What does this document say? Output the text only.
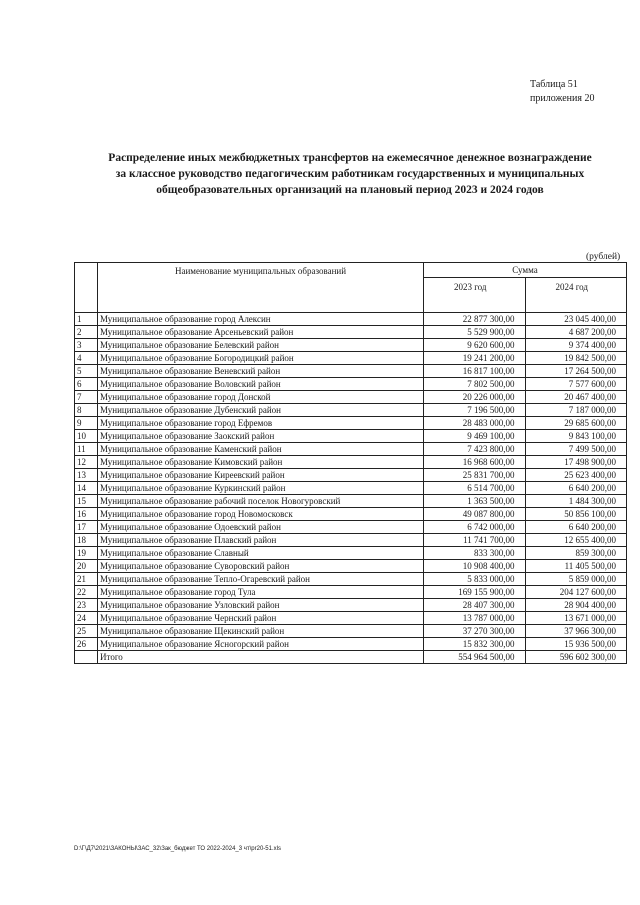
Таблица 51
приложения 20
Распределение иных межбюджетных трансфертов на ежемесячное денежное вознаграждение
за классное руководство педагогическим работникам государственных и муниципальных
общеобразовательных организаций на плановый период 2023 и 2024 годов
(рублей)
	Наименование муниципальных образований	Сумма	
		2023 год	2024 год
1	Муниципальное образование город Алексин	22 877 300,00	23 045 400,00
2	Муниципальное образование Арсеньевский район	5 529 900,00	4 687 200,00
3	Муниципальное образование Белевский район	9 620 600,00	9 374 400,00
4	Муниципальное образование Богородицкий район	19 241 200,00	19 842 500,00
5	Муниципальное образование Веневский район	16 817 100,00	17 264 500,00
6	Муниципальное образование Воловский район	7 802 500,00	7 577 600,00
7	Муниципальное образование город Донской	20 226 000,00	20 467 400,00
8	Муниципальное образование Дубенский район	7 196 500,00	7 187 000,00
9	Муниципальное образование город Ефремов	28 483 000,00	29 685 600,00
10	Муниципальное образование Заокский район	9 469 100,00	9 843 100,00
11	Муниципальное образование Каменский район	7 423 800,00	7 499 500,00
12	Муниципальное образование Кимовский район	16 968 600,00	17 498 900,00
13	Муниципальное образование Киреевский район	25 831 700,00	25 623 400,00
14	Муниципальное образование Куркинский район	6 514 700,00	6 640 200,00
15	Муниципальное образование рабочий поселок Новогуровский	1 363 500,00	1 484 300,00
16	Муниципальное образование город Новомосковск	49 087 800,00	50 856 100,00
17	Муниципальное образование Одоевский район	6 742 000,00	6 640 200,00
18	Муниципальное образование Плавский район	11 741 700,00	12 655 400,00
19	Муниципальное образование Славный	833 300,00	859 300,00
20	Муниципальное образование Суворовский район	10 908 400,00	11 405 500,00
21	Муниципальное образование Тепло-Огаревский район	5 833 000,00	5 859 000,00
22	Муниципальное образование город Тула	169 155 900,00	204 127 600,00
23	Муниципальное образование Узловский район	28 407 300,00	28 904 400,00
24	Муниципальное образование Чернский район	13 787 000,00	13 671 000,00
25	Муниципальное образование Щекинский район	37 270 300,00	37 966 300,00
26	Муниципальное образование Ясногорский район	15 832 300,00	15 936 500,00
	Итого	554 964 500,00	596 602 300,00
D:\Г\Д7\2021\ЗАКОНЫ\ЗАС_32\Зак_бюджет ТО 2022-2024_3 чт\pr20-51.xls
